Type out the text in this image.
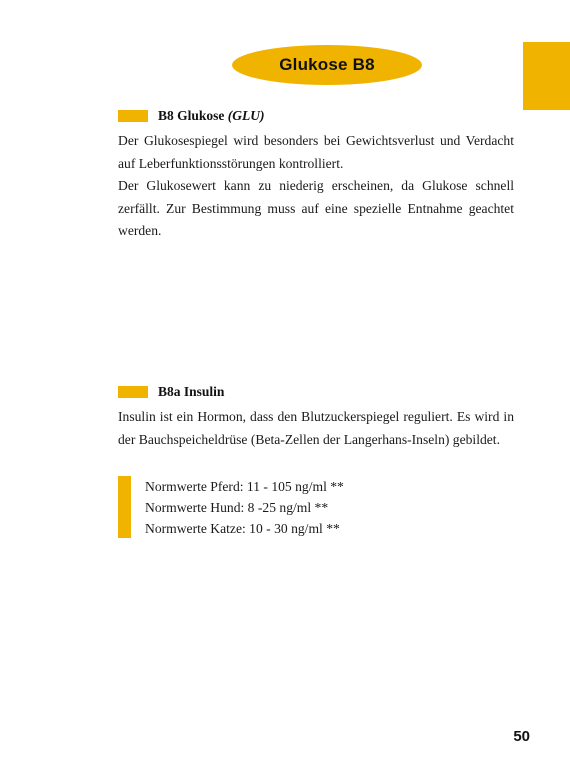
Glukose B8
B8 Glukose (GLU)

Der Glukosespiegel wird besonders bei Gewichtsverlust und Verdacht auf Leberfunktionsstörungen kontrolliert.

Der Glukosewert kann zu niederig erscheinen, da Glukose schnell zerfällt. Zur Bestimmung muss auf eine spezielle Entnahme geachtet werden.

B8a Insulin

Insulin ist ein Hormon, dass den Blutzuckerspiegel reguliert. Es wird in der Bauchspeicheldrüse (Beta-Zellen der Langerhans-Inseln) gebildet.

Normwerte Pferd: 11 - 105 ng/ml **
Normwerte Hund: 8 -25 ng/ml **
Normwerte Katze: 10 - 30 ng/ml **
50
